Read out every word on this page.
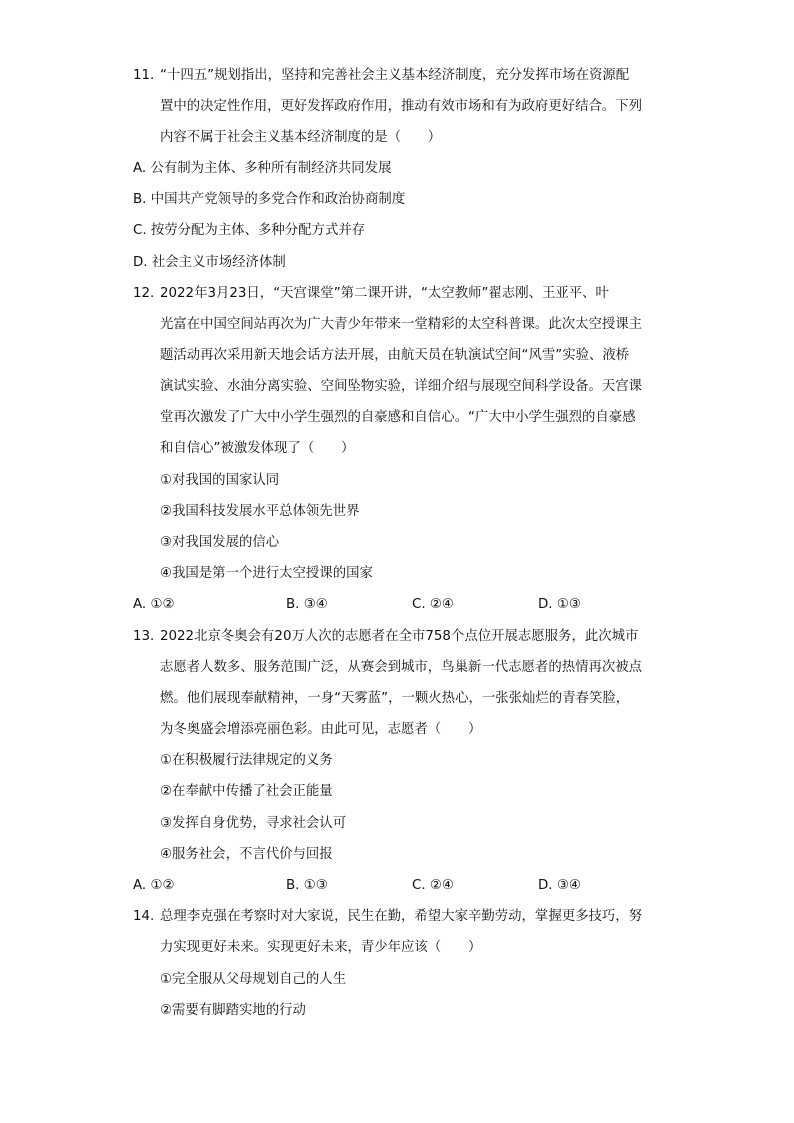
11. “十四五”规划指出，坚持和完善社会主义基本经济制度，充分发挥市场在资源配
置中的决定性作用，更好发挥政府作用，推动有效市场和有为政府更好结合。下列
内容不属于社会主义基本经济制度的是（　　）
A. 公有制为主体、多种所有制经济共同发展
B. 中国共产党领导的多党合作和政治协商制度
C. 按劳分配为主体、多种分配方式并存
D. 社会主义市场经济体制
12. 2022年3月23日，“天宫课堂”第二课开讲，“太空教师”翟志刚、王亚平、叶
光富在中国空间站再次为广大青少年带来一堂精彩的太空科普课。此次太空授课主
题活动再次采用新天地会话方法开展，由航天员在轨演试空间“风雪”实验、液桥
演试实验、水油分离实验、空间坠物实验，详细介绍与展现空间科学设备。天宫课
堂再次激发了广大中小学生强烈的自豪感和自信心。“广大中小学生强烈的自豪感
和自信心”被激发体现了（　　）
①对我国的国家认同
②我国科技发展水平总体领先世界
③对我国发展的信心
④我国是第一个进行太空授课的国家
A. ①②	B. ③④	C. ②④	D. ①③
13. 2022北京冬奥会有20万人次的志愿者在全市758个点位开展志愿服务，此次城市
志愿者人数多、服务范围广泛，从赛会到城市，鸟巢新一代志愿者的热情再次被点
燃。他们展现奉献精神，一身“天雾蓝”，一颗火热心，一张张灿烂的青春笑脸，
为冬奥盛会增添亮丽色彩。由此可见，志愿者（　　）
①在积极履行法律规定的义务
②在奉献中传播了社会正能量
③发挥自身优势，寻求社会认可
④服务社会，不言代价与回报
A. ①②	B. ①③	C. ②④	D. ③④
14. 总理李克强在考察时对大家说，民生在勤，希望大家辛勤劳动，掌握更多技巧，努
力实现更好未来。实现更好未来，青少年应该（　　）
①完全服从父母规划自己的人生
②需要有脚踏实地的行动
